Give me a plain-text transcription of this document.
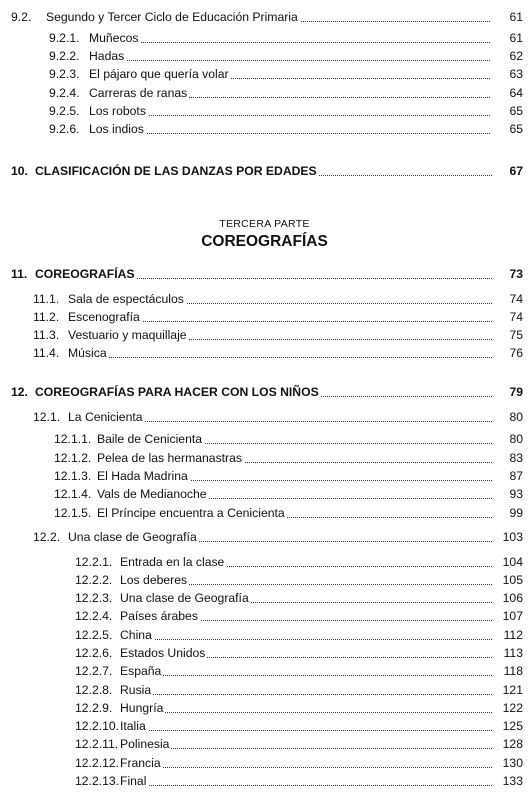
9.2. Segundo y Tercer Ciclo de Educación Primaria	61
9.2.1. Muñecos	61
9.2.2. Hadas	62
9.2.3. El pájaro que quería volar	63
9.2.4. Carreras de ranas	64
9.2.5. Los robots	65
9.2.6. Los indios	65
10. CLASIFICACIÓN DE LAS DANZAS POR EDADES	67
TERCERA PARTE
COREOGRAFÍAS
11. COREOGRAFÍAS	73
11.1. Sala de espectáculos	74
11.2. Escenografía	74
11.3. Vestuario y maquillaje	75
11.4. Música	76
12. COREOGRAFÍAS PARA HACER CON LOS NIÑOS	79
12.1. La Cenicienta	80
12.1.1. Baile de Cenicienta	80
12.1.2. Pelea de las hermanastras	83
12.1.3. El Hada Madrina	87
12.1.4. Vals de Medianoche	93
12.1.5. El Príncipe encuentra a Cenicienta	99
12.2. Una clase de Geografía	103
12.2.1. Entrada en la clase	104
12.2.2. Los deberes	105
12.2.3. Una clase de Geografía	106
12.2.4. Países árabes	107
12.2.5. China	112
12.2.6. Estados Unidos	113
12.2.7. España	118
12.2.8. Rusia	121
12.2.9. Hungría	122
12.2.10. Italia	125
12.2.11. Polinesia	128
12.2.12. Francia	130
12.2.13. Final	133
